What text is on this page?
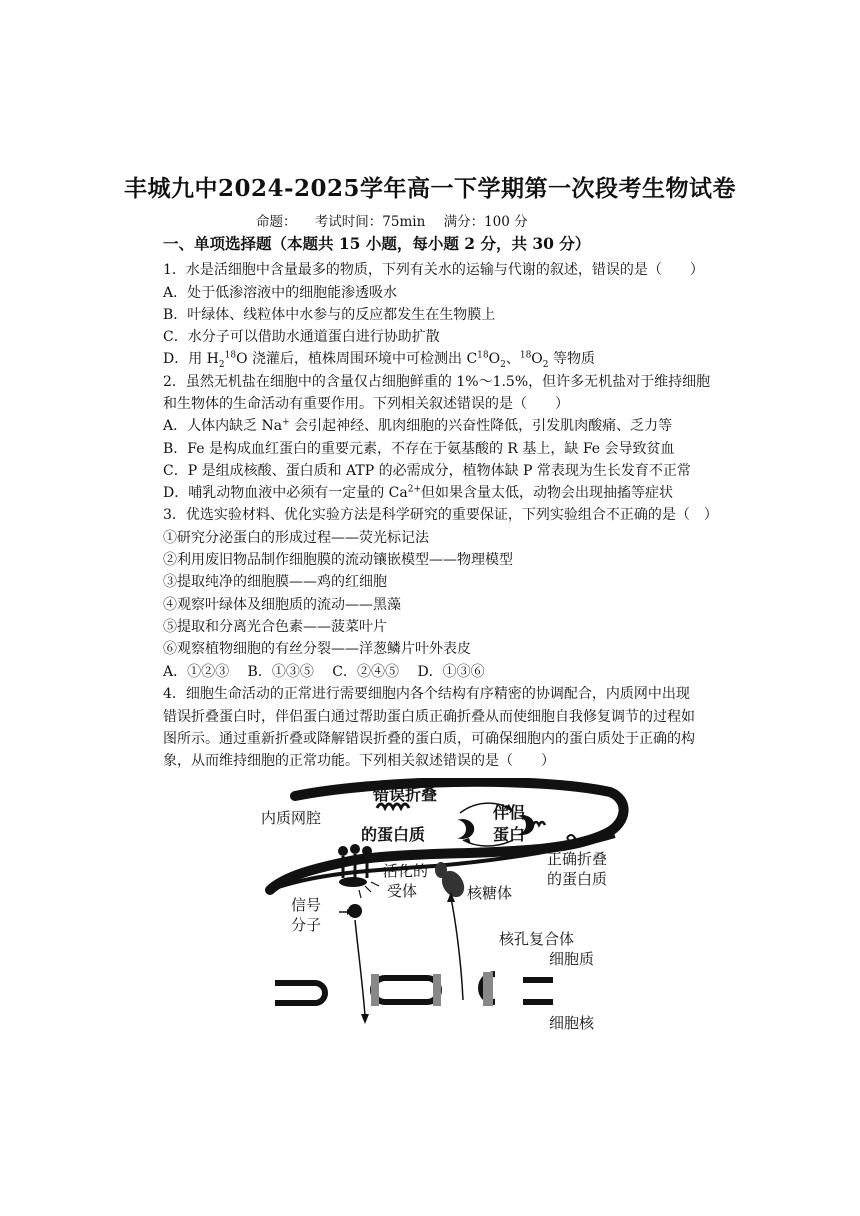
丰城九中2024-2025学年高一下学期第一次段考生物试卷
命题： 考试时间：75min 满分：100 分
一、单项选择题（本题共 15 小题，每小题 2 分，共 30 分）
1．水是活细胞中含量最多的物质，下列有关水的运输与代谢的叙述，错误的是（　　）
A．处于低渗溶液中的细胞能渗透吸水
B．叶绿体、线粒体中水参与的反应都发生在生物膜上
C．水分子可以借助水通道蛋白进行协助扩散
D．用 $H_2^{18}O$ 浇灌后，植株周围环境中可检测出 $C^{18}O_2$、$^{18}O_2$ 等物质
2．虽然无机盐在细胞中的含量仅占细胞鲜重的 1%～1.5%，但许多无机盐对于维持细胞
和生物体的生命活动有重要作用。下列相关叙述错误的是（　　）
A．人体内缺乏 Na+ 会引起神经、肌肉细胞的兴奋性降低，引发肌肉酸痛、乏力等
B．Fe 是构成血红蛋白的重要元素，不存在于氨基酸的 R 基上，缺 Fe 会导致贫血
C．P 是组成核酸、蛋白质和 ATP 的必需成分，植物体缺 P 常表现为生长发育不正常
D．哺乳动物血液中必须有一定量的 $Ca^{2+}$但如果含量太低，动物会出现抽搐等症状
3．优选实验材料、优化实验方法是科学研究的重要保证，下列实验组合不正确的是（　）
①研究分泌蛋白的形成过程——荧光标记法
②利用废旧物品制作细胞膜的流动镶嵌模型——物理模型
③提取纯净的细胞膜——鸡的红细胞
④观察叶绿体及细胞质的流动——黑藻
⑤提取和分离光合色素——菠菜叶片
⑥观察植物细胞的有丝分裂——洋葱鳞片叶外表皮
A．①②③　 B．①③⑤　 C．②④⑤　 D．①③⑥
4．细胞生命活动的正常进行需要细胞内各个结构有序精密的协调配合，内质网中出现
错误折叠蛋白时，伴侣蛋白通过帮助蛋白质正确折叠从而使细胞自我修复调节的过程如
图所示。通过重新折叠或降解错误折叠的蛋白质，可确保细胞内的蛋白质处于正确的构
象，从而维持细胞的正常功能。下列相关叙述错误的是（　　）
内质网腔
错误折叠
的蛋白质
伴侣
蛋白
正确折叠
的蛋白质
活化的
受体	核糖体
信号
分子
核孔复合体
细胞质
细胞核
